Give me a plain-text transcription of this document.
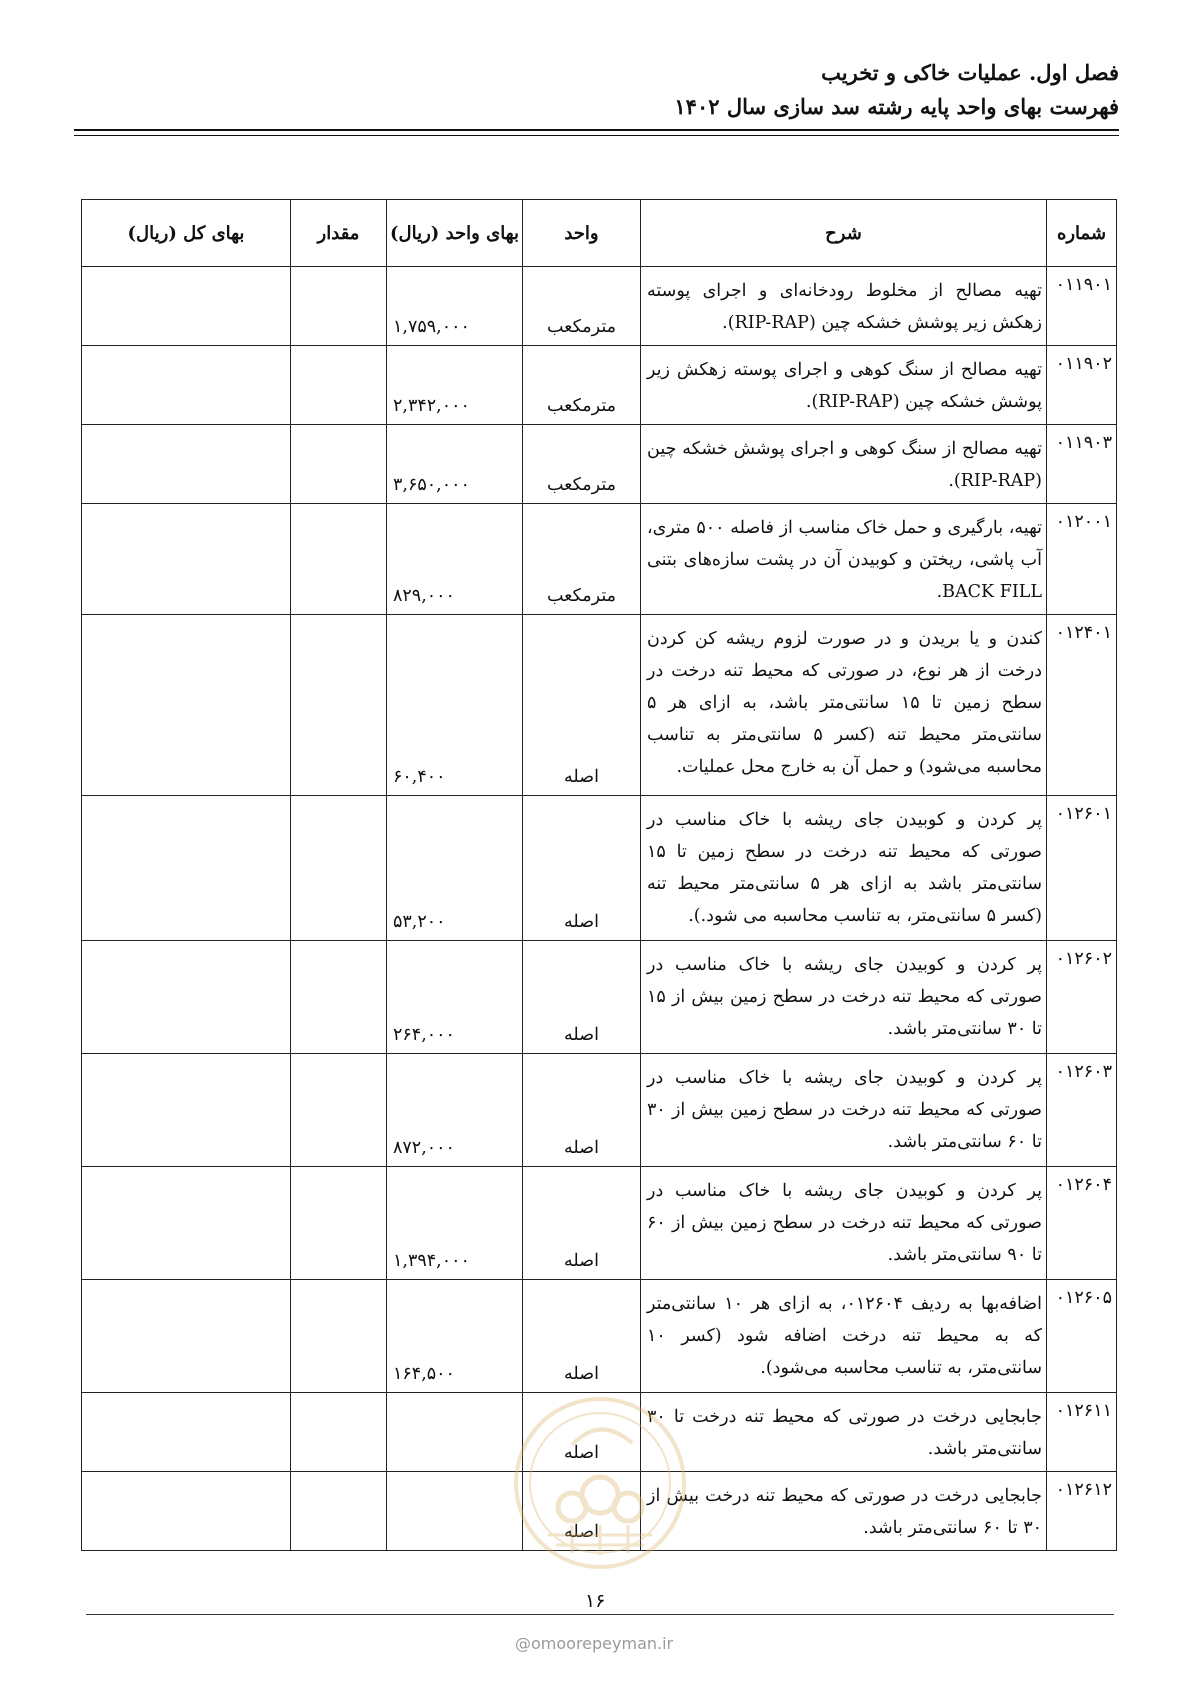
فصل اول. عملیات خاکی و تخریب
فهرست بهای واحد پایه رشته سد سازی سال ۱۴۰۲
شماره	شرح	واحد	بهای واحد (ریال)	مقدار	بهای کل (ریال)
۰۱۱۹۰۱	تهیه مصالح از مخلوط رودخانه‌ای و اجرای پوسته زهکش زیر پوشش خشکه چین (RIP-RAP).	مترمکعب	۱,۷۵۹,۰۰۰		
۰۱۱۹۰۲	تهیه مصالح از سنگ کوهی و اجرای پوسته زهکش زیر پوشش خشکه چین (RIP-RAP).	مترمکعب	۲,۳۴۲,۰۰۰		
۰۱۱۹۰۳	تهیه مصالح از سنگ کوهی و اجرای پوشش خشکه چین (RIP-RAP).	مترمکعب	۳,۶۵۰,۰۰۰		
۰۱۲۰۰۱	تهیه، بارگیری و حمل خاک مناسب از فاصله ۵۰۰ متری، آب پاشی، ریختن و کوبیدن آن در پشت سازه‌های بتنی BACK FILL.	مترمکعب	۸۲۹,۰۰۰		
۰۱۲۴۰۱	کندن و یا بریدن و در صورت لزوم ریشه کن کردن درخت از هر نوع، در صورتی که محیط تنه درخت در سطح زمین تا ۱۵ سانتی‌متر باشد، به ازای هر ۵ سانتی‌متر محیط تنه (کسر ۵ سانتی‌متر به تناسب محاسبه می‌شود) و حمل آن به خارج محل عملیات.	اصله	۶۰,۴۰۰		
۰۱۲۶۰۱	پر کردن و کوبیدن جای ریشه با خاک مناسب در صورتی که محیط تنه درخت در سطح زمین تا ۱۵ سانتی‌متر باشد به ازای هر ۵ سانتی‌متر محیط تنه (کسر ۵ سانتی‌متر، به تناسب محاسبه می شود.).	اصله	۵۳,۲۰۰		
۰۱۲۶۰۲	پر کردن و کوبیدن جای ریشه با خاک مناسب در صورتی که محیط تنه درخت در سطح زمین بیش از ۱۵ تا ۳۰ سانتی‌متر باشد.	اصله	۲۶۴,۰۰۰		
۰۱۲۶۰۳	پر کردن و کوبیدن جای ریشه با خاک مناسب در صورتی که محیط تنه درخت در سطح زمین بیش از ۳۰ تا ۶۰ سانتی‌متر باشد.	اصله	۸۷۲,۰۰۰		
۰۱۲۶۰۴	پر کردن و کوبیدن جای ریشه با خاک مناسب در صورتی که محیط تنه درخت در سطح زمین بیش از ۶۰ تا ۹۰ سانتی‌متر باشد.	اصله	۱,۳۹۴,۰۰۰		
۰۱۲۶۰۵	اضافه‌بها به ردیف ۰۱۲۶۰۴، به ازای هر ۱۰ سانتی‌متر که به محیط تنه درخت اضافه شود (کسر ۱۰ سانتی‌متر، به تناسب محاسبه می‌شود).	اصله	۱۶۴,۵۰۰		
۰۱۲۶۱۱	جابجایی درخت در صورتی که محیط تنه درخت تا ۳۰ سانتی‌متر باشد.	اصله			
۰۱۲۶۱۲	جابجایی درخت در صورتی که محیط تنه درخت بیش از ۳۰ تا ۶۰ سانتی‌متر باشد.	اصله			
۱۶
@omoorepeyman.ir
